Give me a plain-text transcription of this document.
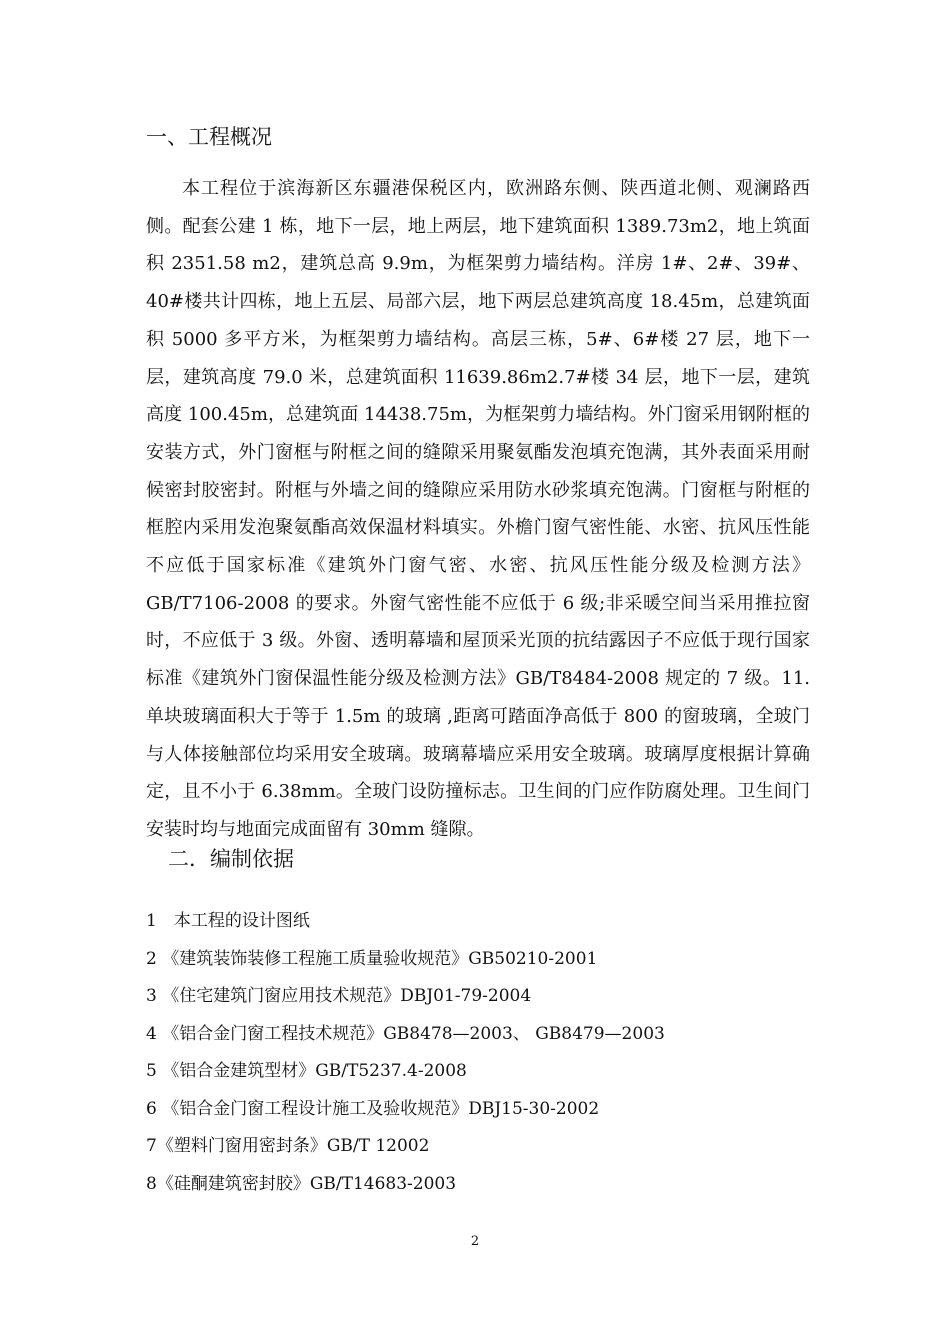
一、工程概况

本工程位于滨海新区东疆港保税区内，欧洲路东侧、陕西道北侧、观澜路西侧。配套公建 1 栋，地下一层，地上两层，地下建筑面积 1389.73m2，地上筑面积 2351.58 m2，建筑总高 9.9m，为框架剪力墙结构。洋房 1#、2#、39#、40#楼共计四栋，地上五层、局部六层，地下两层总建筑高度 18.45m，总建筑面积 5000 多平方米，为框架剪力墙结构。高层三栋，5#、6#楼 27 层，地下一层，建筑高度 79.0 米，总建筑面积 11639.86m2.7#楼 34 层，地下一层，建筑高度 100.45m，总建筑面 14438.75m，为框架剪力墙结构。外门窗采用钢附框的安装方式，外门窗框与附框之间的缝隙采用聚氨酯发泡填充饱满，其外表面采用耐候密封胶密封。附框与外墙之间的缝隙应采用防水砂浆填充饱满。门窗框与附框的框腔内采用发泡聚氨酯高效保温材料填实。外檐门窗气密性能、水密、抗风压性能不应低于国家标准《建筑外门窗气密、水密、抗风压性能分级及检测方法》GB/T7106-2008 的要求。外窗气密性能不应低于 6 级;非采暖空间当采用推拉窗时，不应低于 3 级。外窗、透明幕墙和屋顶采光顶的抗结露因子不应低于现行国家标准《建筑外门窗保温性能分级及检测方法》GB/T8484-2008 规定的 7 级。11.单块玻璃面积大于等于 1.5m 的玻璃 ,距离可踏面净高低于 800 的窗玻璃，全玻门与人体接触部位均采用安全玻璃。玻璃幕墙应采用安全玻璃。玻璃厚度根据计算确定，且不小于 6.38mm。全玻门设防撞标志。卫生间的门应作防腐处理。卫生间门安装时均与地面完成面留有 30mm 缝隙。

二．编制依据
1　本工程的设计图纸
2 《建筑装饰装修工程施工质量验收规范》GB50210-2001
3 《住宅建筑门窗应用技术规范》DBJ01-79-2004
4 《铝合金门窗工程技术规范》GB8478—2003、 GB8479—2003
5 《铝合金建筑型材》GB/T5237.4-2008
6 《铝合金门窗工程设计施工及验收规范》DBJ15-30-2002
7《塑料门窗用密封条》GB/T 12002
8《硅酮建筑密封胶》GB/T14683-2003
2
